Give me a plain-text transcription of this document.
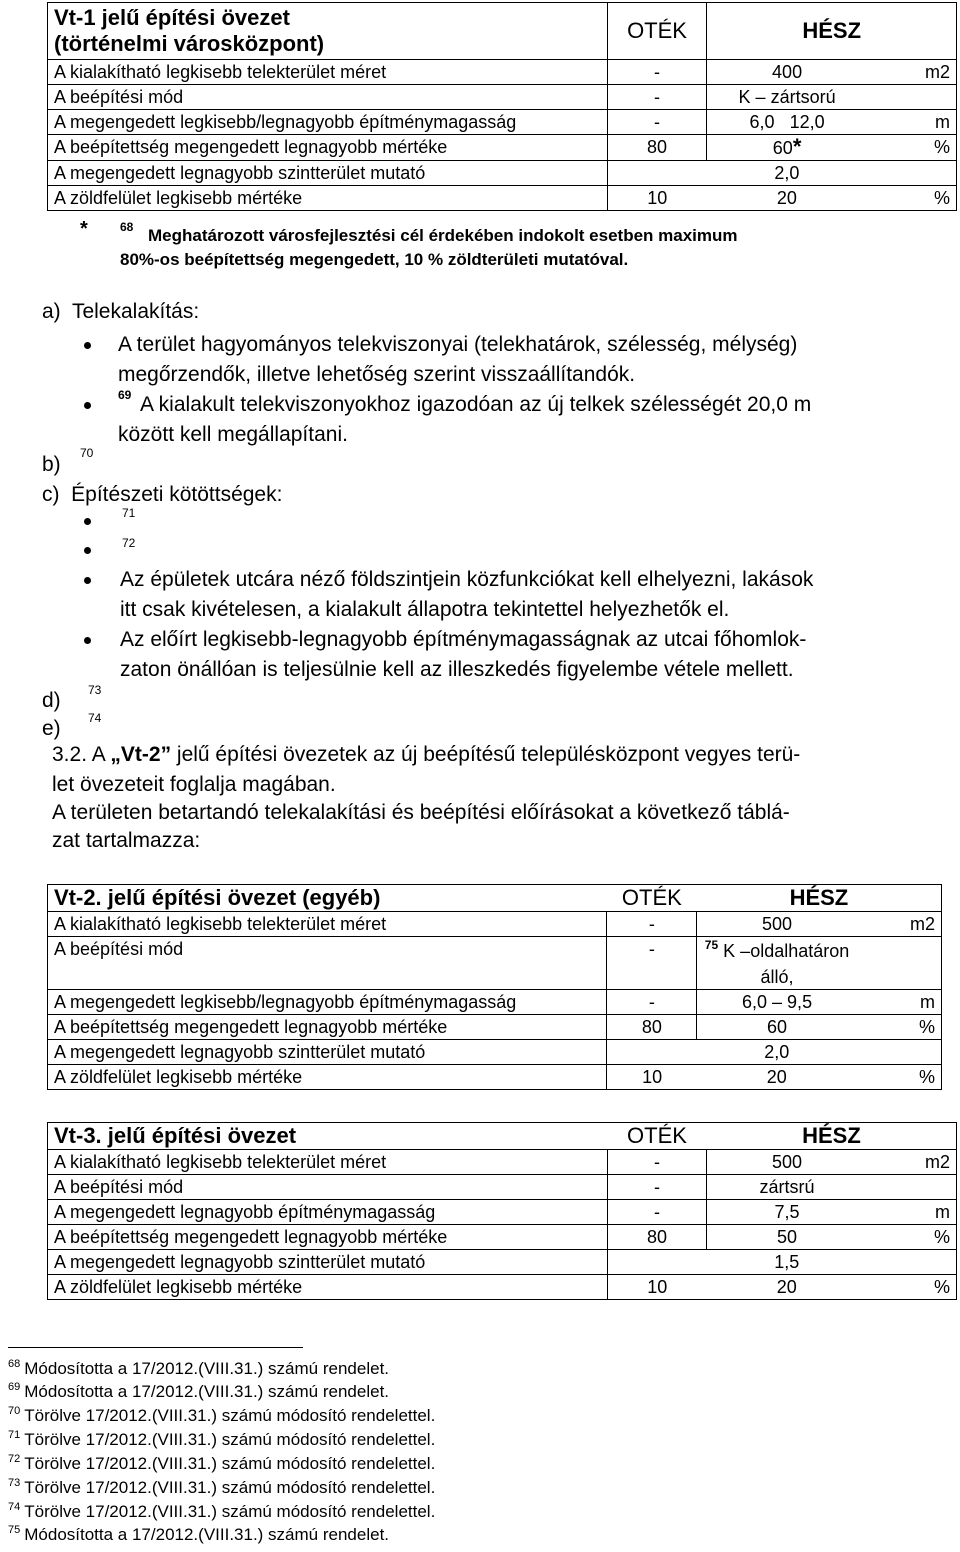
Vt-1 jelű építési övezet
(történelmi városközpont)	OTÉK	HÉSZ	
A kialakítható legkisebb telekterület méret	-	400	m2
A beépítési mód	-	K – zártsorú	
A megengedett legkisebb/legnagyobb építménymagasság	-	6,0   12,0	m
A beépítettség megengedett legnagyobb mértéke	80	60*	%
A megengedett legnagyobb szintterület mutató		2,0	
A zöldfelület legkisebb mértéke	10	20	%
*	68 Meghatározott városfejlesztési cél érdekében indokolt esetben maximum
80%-os beépítettség megengedett, 10 % zöldterületi mutatóval.
a)  Telekalakítás:
A terület hagyományos telekviszonyai (telekhatárok, szélesség, mélység)
megőrzendők, illetve lehetőség szerint visszaállítandók.
69 A kialakult telekviszonyokhoz igazodóan az új telkek szélességét 20,0 m
között kell megállapítani.
b) 70
c)  Építészeti kötöttségek:
71
72
Az épületek utcára néző földszintjein közfunkciókat kell elhelyezni, lakások
itt csak kivételesen, a kialakult állapotra tekintettel helyezhetők el.
Az előírt legkisebb-legnagyobb építménymagasságnak az utcai főhomlok-
zaton önállóan is teljesülnie kell az illeszkedés figyelembe vétele mellett.
d) 73
e) 74
3.2. A „Vt-2” jelű építési övezetek az új beépítésű településközpont vegyes terü-
let övezeteit foglalja magában.
A területen betartandó telekalakítási és beépítési előírásokat a következő táblá-
zat tartalmazza:
Vt-2. jelű építési övezet (egyéb)	OTÉK	HÉSZ	
A kialakítható legkisebb telekterület méret	-	500	m2
A beépítési mód	-	$^{75}$ K –oldalhatáron
álló,	

A megengedett legkisebb/legnagyobb építménymagasság	-	6,0 – 9,5	m
A beépítettség megengedett legnagyobb mértéke	80	60	%
A megengedett legnagyobb szintterület mutató		2,0	
A zöldfelület legkisebb mértéke	10	20	%
Vt-3. jelű építési övezet	OTÉK	HÉSZ	
A kialakítható legkisebb telekterület méret	-	500	m2
A beépítési mód	-	zártsrú	
A megengedett legnagyobb építménymagasság	-	7,5	m
A beépítettség megengedett legnagyobb mértéke	80	50	%
A megengedett legnagyobb szintterület mutató		1,5	
A zöldfelület legkisebb mértéke	10	20	%
$^{68}$ Módosította a 17/2012.(VIII.31.) számú rendelet.
$^{69}$ Módosította a 17/2012.(VIII.31.) számú rendelet.
$^{70}$ Törölve 17/2012.(VIII.31.) számú módosító rendelettel.
$^{71}$ Törölve 17/2012.(VIII.31.) számú módosító rendelettel.
$^{72}$ Törölve 17/2012.(VIII.31.) számú módosító rendelettel.
$^{73}$ Törölve 17/2012.(VIII.31.) számú módosító rendelettel.
$^{74}$ Törölve 17/2012.(VIII.31.) számú módosító rendelettel.
$^{75}$ Módosította a 17/2012.(VIII.31.) számú rendelet.
